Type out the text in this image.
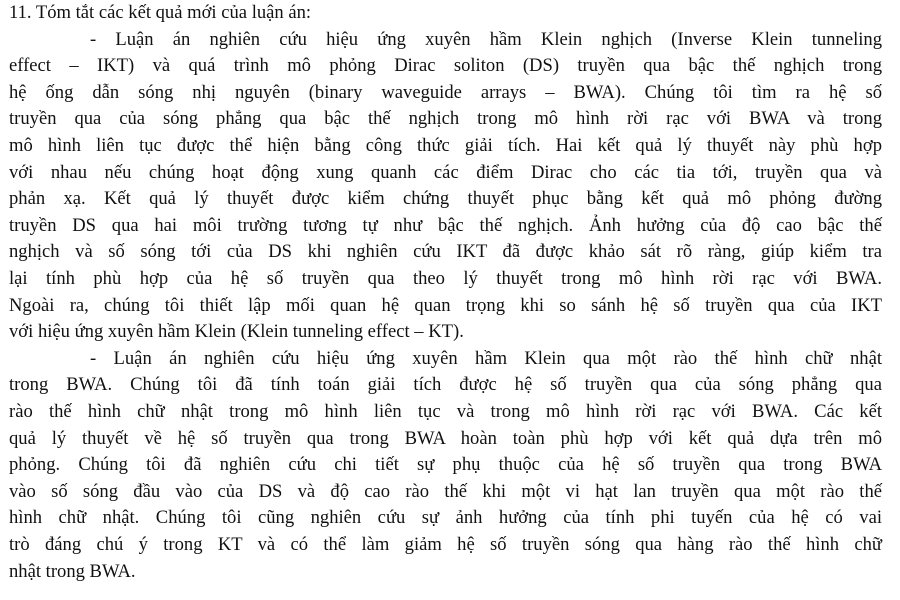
11. Tóm tắt các kết quả mới của luận án:

- Luận án nghiên cứu hiệu ứng xuyên hầm Klein nghịch (Inverse Klein tunneling

effect – IKT) và quá trình mô phỏng Dirac soliton (DS) truyền qua bậc thế nghịch trong

hệ ống dẫn sóng nhị nguyên (binary waveguide arrays – BWA). Chúng tôi tìm ra hệ số

truyền qua của sóng phẳng qua bậc thế nghịch trong mô hình rời rạc với BWA và trong

mô hình liên tục được thể hiện bằng công thức giải tích. Hai kết quả lý thuyết này phù hợp

với nhau nếu chúng hoạt động xung quanh các điểm Dirac cho các tia tới, truyền qua và

phản xạ. Kết quả lý thuyết được kiểm chứng thuyết phục bằng kết quả mô phỏng đường

truyền DS qua hai môi trường tương tự như bậc thế nghịch. Ảnh hưởng của độ cao bậc thế

nghịch và số sóng tới của DS khi nghiên cứu IKT đã được khảo sát rõ ràng, giúp kiểm tra

lại tính phù hợp của hệ số truyền qua theo lý thuyết trong mô hình rời rạc với BWA.

Ngoài ra, chúng tôi thiết lập mối quan hệ quan trọng khi so sánh hệ số truyền qua của IKT

với hiệu ứng xuyên hầm Klein (Klein tunneling effect – KT).

- Luận án nghiên cứu hiệu ứng xuyên hầm Klein qua một rào thế hình chữ nhật

trong BWA. Chúng tôi đã tính toán giải tích được hệ số truyền qua của sóng phẳng qua

rào thế hình chữ nhật trong mô hình liên tục và trong mô hình rời rạc với BWA. Các kết

quả lý thuyết về hệ số truyền qua trong BWA hoàn toàn phù hợp với kết quả dựa trên mô

phỏng. Chúng tôi đã nghiên cứu chi tiết sự phụ thuộc của hệ số truyền qua trong BWA

vào số sóng đầu vào của DS và độ cao rào thế khi một vi hạt lan truyền qua một rào thế

hình chữ nhật. Chúng tôi cũng nghiên cứu sự ảnh hưởng của tính phi tuyến của hệ có vai

trò đáng chú ý trong KT và có thể làm giảm hệ số truyền sóng qua hàng rào thế hình chữ

nhật trong BWA.
